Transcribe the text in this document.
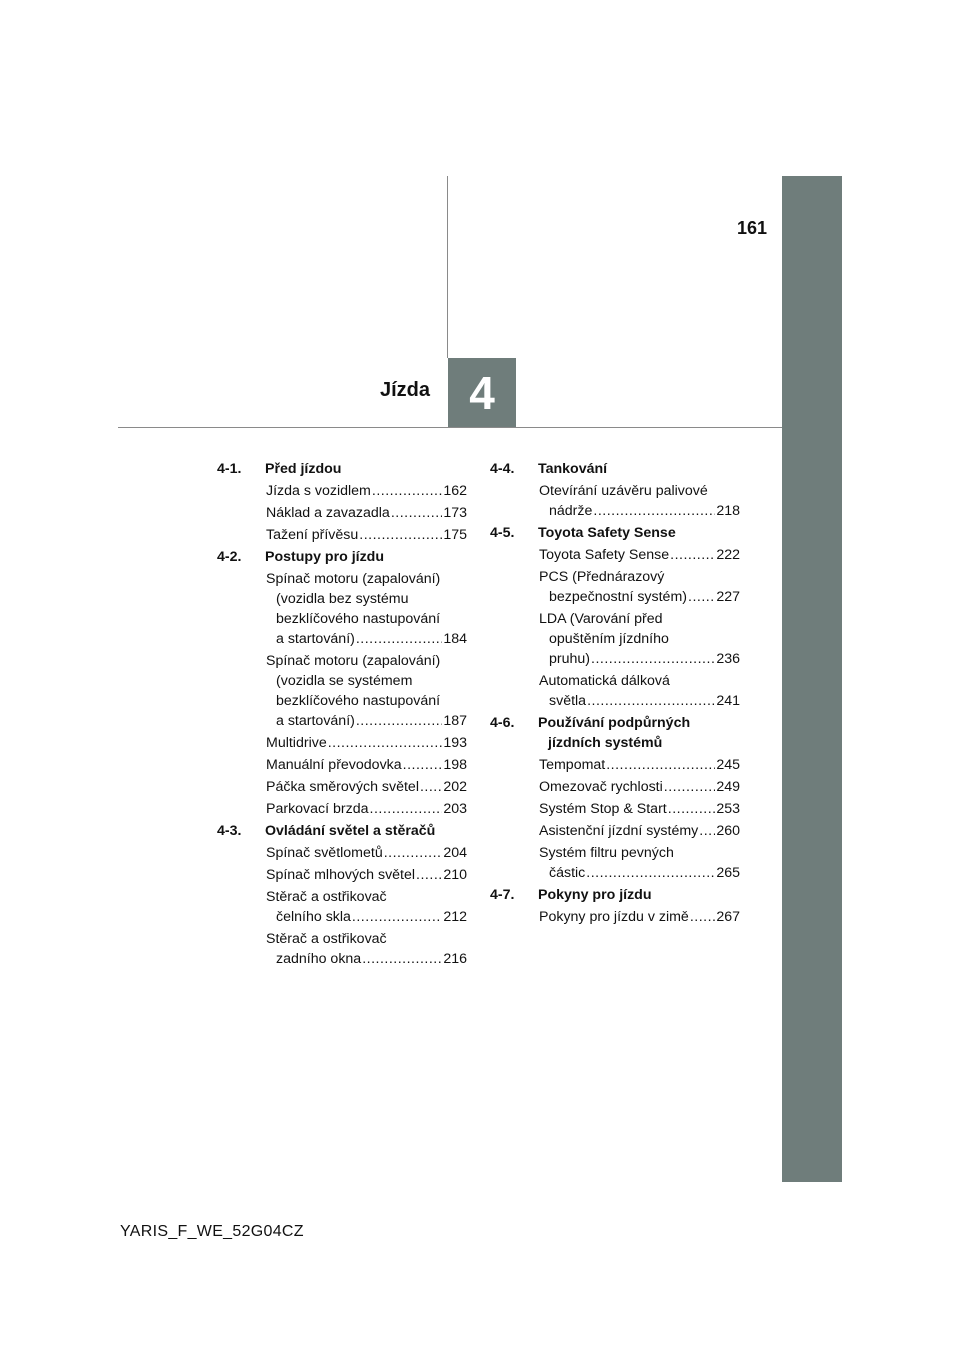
161
Jízda 4
4-1.	Před jízdou
Jízda s vozidlem .....	162
Náklad a zavazadla .....	173
Tažení přívěsu .....	175
4-2.	Postupy pro jízdu
Spínač motoru (zapalování)
(vozidla bez systému
bezklíčového nastupování
a startování) .....	184
Spínač motoru (zapalování)
(vozidla se systémem
bezklíčového nastupování
a startování) .....	187
Multidrive .....	193
Manuální převodovka .....	198
Páčka směrových světel ..... 202
Parkovací brzda .....	203
4-3.	Ovládání světel a stěračů
Spínač světlometů .....	204
Spínač mlhových světel ..... 210
Stěrač a ostřikovač
čelního skla .....	212
Stěrač a ostřikovač
zadního okna .....	216
4-4.	Tankování
Otevírání uzávěru palivové
nádrže .....	218
4-5.	Toyota Safety Sense
Toyota Safety Sense .....	222
PCS (Přednárazový
bezpečnostní systém) ..... 227
LDA (Varování před
opuštěním jízdního
pruhu) .....	236
Automatická dálková
světla .....	241
4-6.	Používání podpůrných jízdních systémů
Tempomat .....	245
Omezovač rychlosti .....	249
Systém Stop & Start .....	253
Asistenční jízdní systémy ..... 260
Systém filtru pevných
částic .....	265
4-7.	Pokyny pro jízdu
Pokyny pro jízdu v zimě ..... 267
YARIS_F_WE_52G04CZ
